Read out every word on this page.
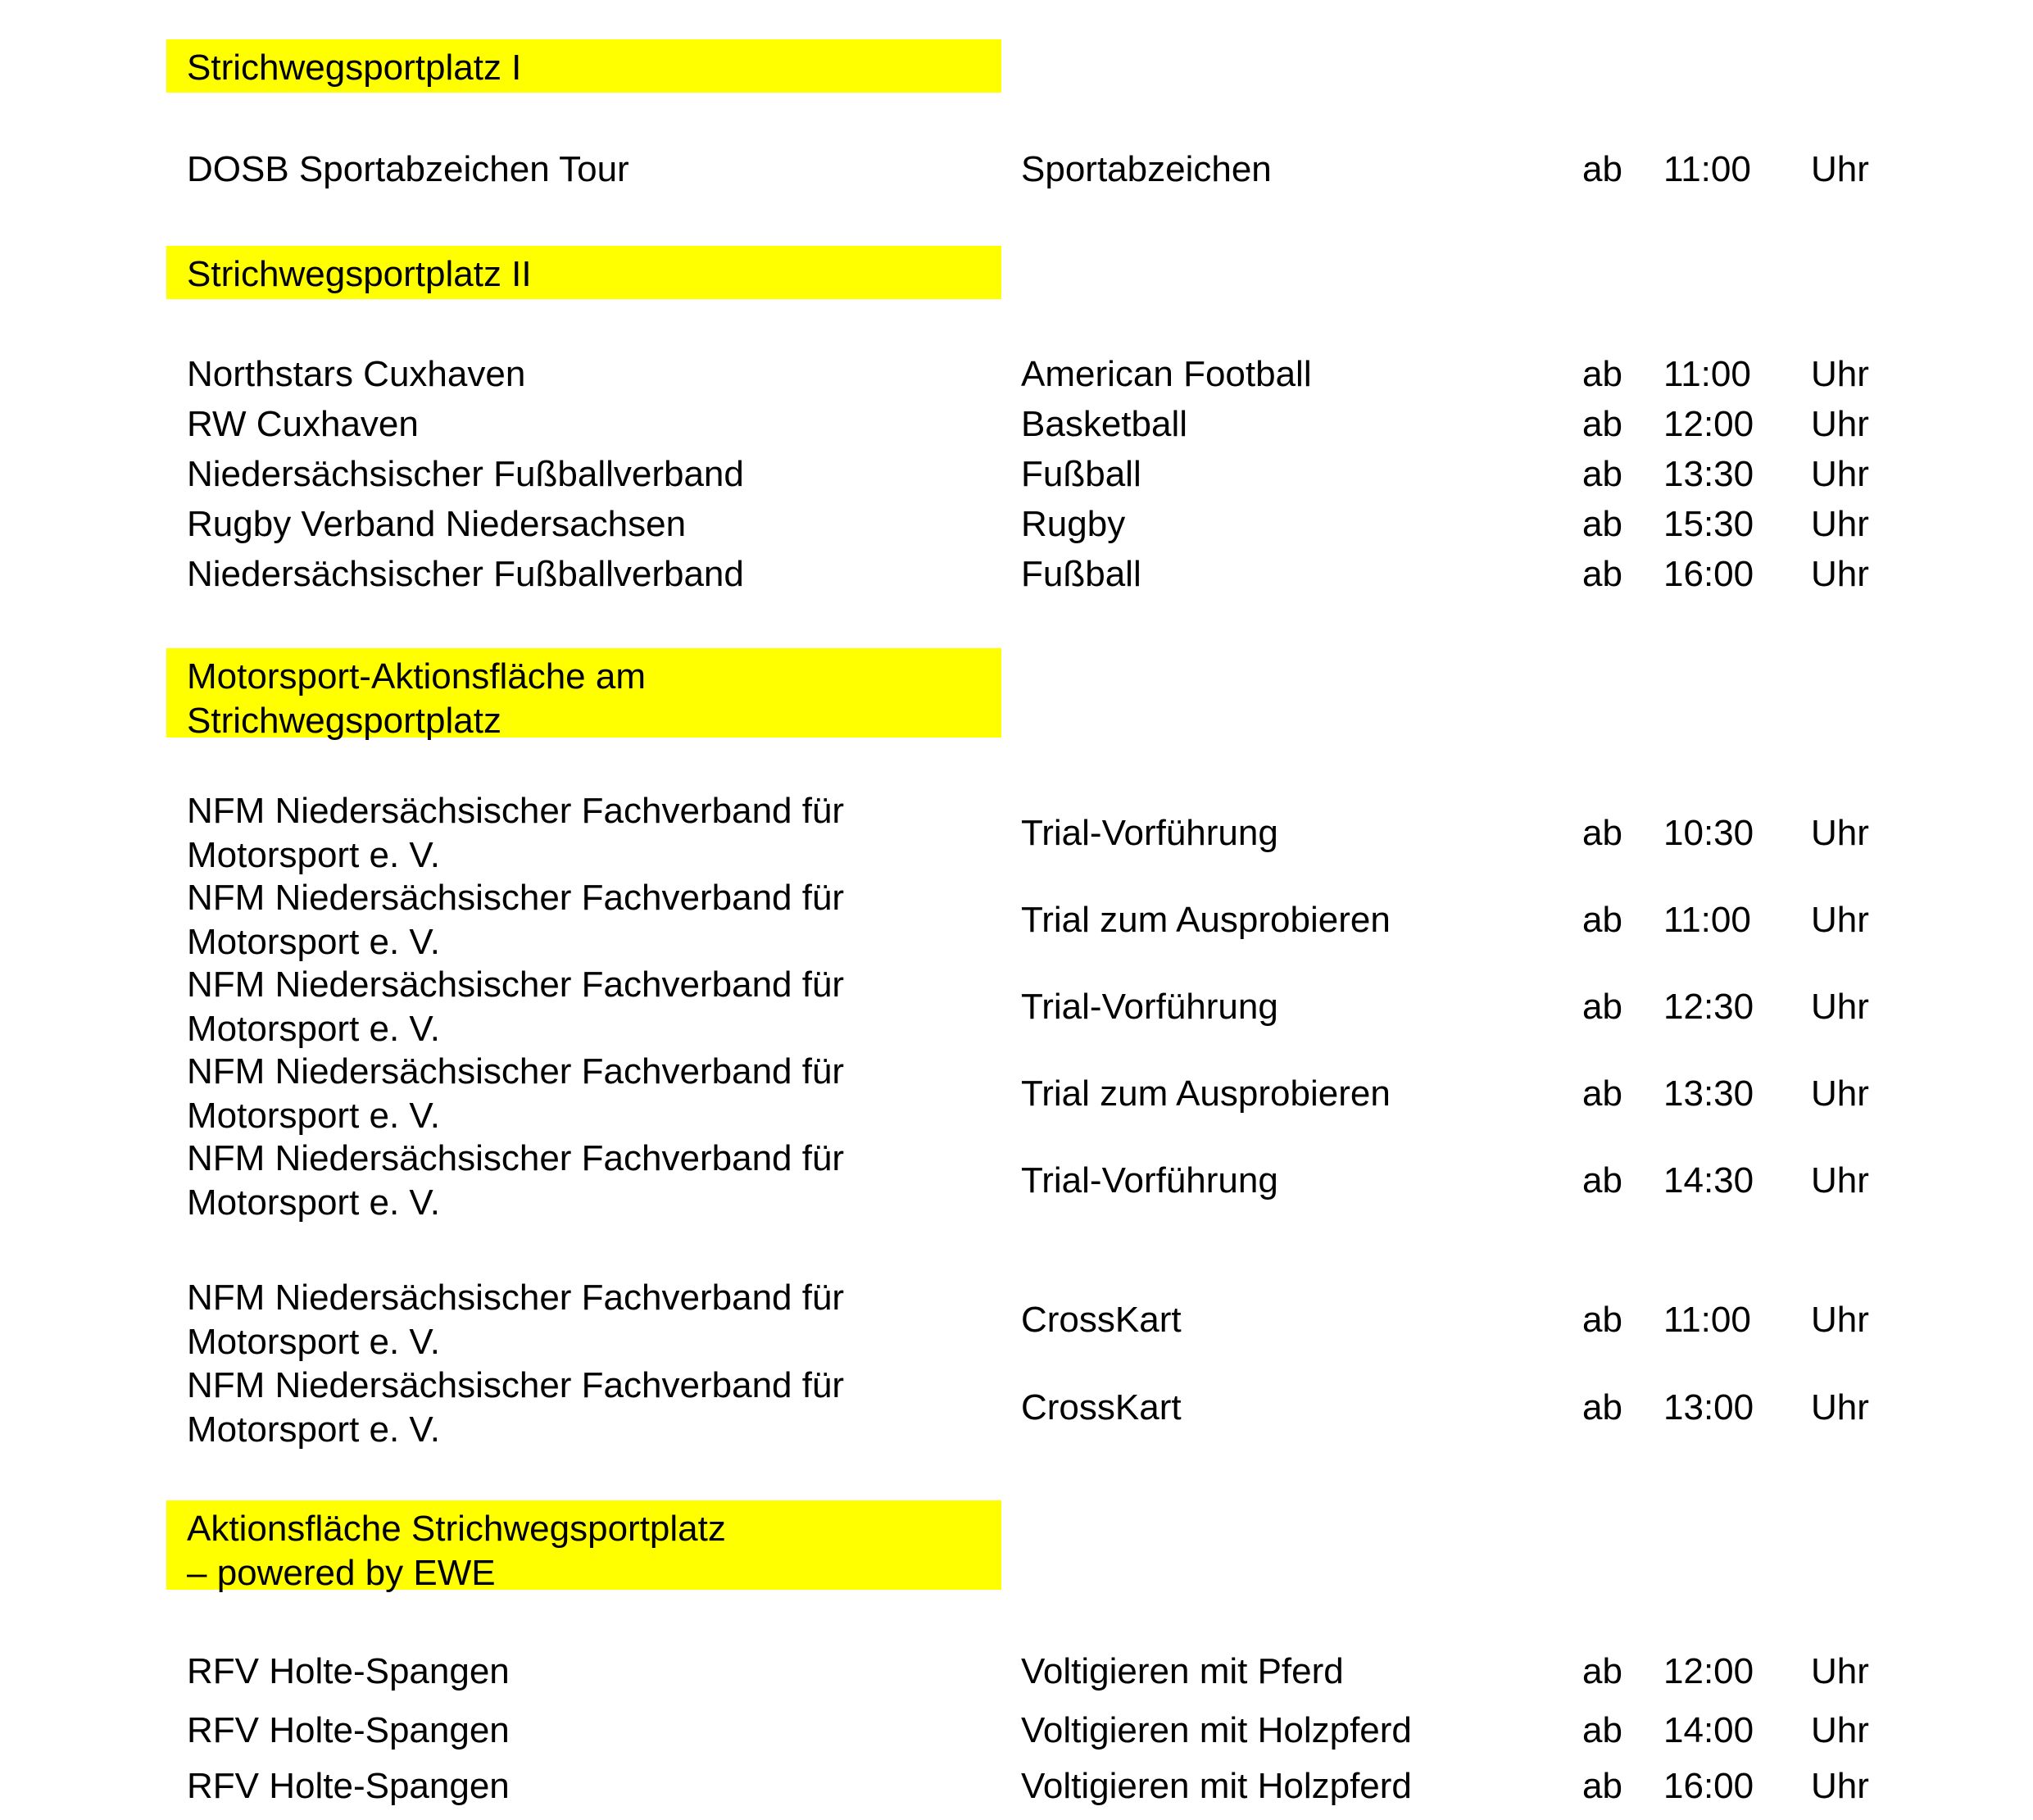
Strichwegsportplatz I
DOSB Sportabzeichen Tour	Sportabzeichen	ab 11:00 Uhr
Strichwegsportplatz II
Northstars Cuxhaven	American Football	ab 11:00 Uhr
RW Cuxhaven	Basketball	ab 12:00 Uhr
Niedersächsischer Fußballverband	Fußball	ab 13:30 Uhr
Rugby Verband Niedersachsen	Rugby	ab 15:30 Uhr
Niedersächsischer Fußballverband	Fußball	ab 16:00 Uhr
Motorsport-Aktionsfläche am
Strichwegsportplatz
NFM Niedersächsischer Fachverband für
Motorsport e. V.
Trial-Vorführung	ab 10:30 Uhr
NFM Niedersächsischer Fachverband für
Motorsport e. V.
Trial zum Ausprobieren	ab 11:00 Uhr
NFM Niedersächsischer Fachverband für
Motorsport e. V.
Trial-Vorführung	ab 12:30 Uhr
NFM Niedersächsischer Fachverband für
Motorsport e. V.
Trial zum Ausprobieren	ab 13:30 Uhr
NFM Niedersächsischer Fachverband für
Motorsport e. V.
Trial-Vorführung	ab 14:30 Uhr
NFM Niedersächsischer Fachverband für
Motorsport e. V.
CrossKart	ab 11:00 Uhr
NFM Niedersächsischer Fachverband für
Motorsport e. V.
CrossKart	ab 13:00 Uhr
Aktionsfläche Strichwegsportplatz
– powered by EWE
RFV Holte-Spangen	Voltigieren mit Pferd	ab 12:00 Uhr
RFV Holte-Spangen	Voltigieren mit Holzpferd	ab 14:00 Uhr
RFV Holte-Spangen	Voltigieren mit Holzpferd	ab 16:00 Uhr
